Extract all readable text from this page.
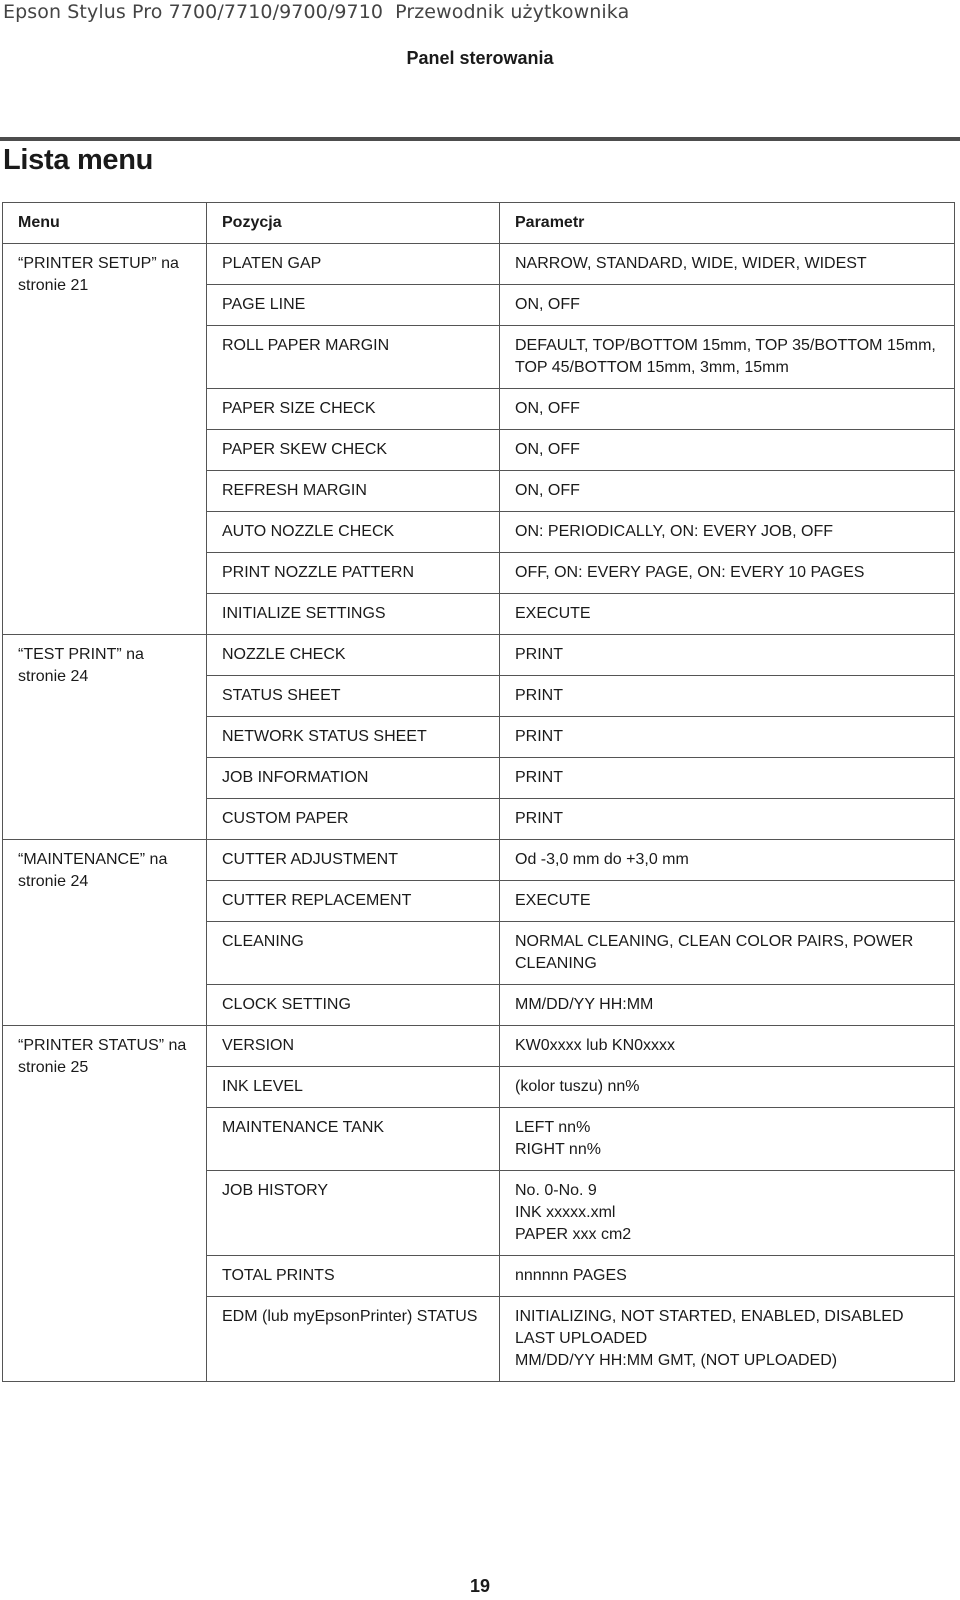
Epson Stylus Pro 7700/7710/9700/9710 Przewodnik użytkownika
Panel sterowania
Lista menu
Menu	Pozycja	Parametr
“PRINTER SETUP” na stronie 21	PLATEN GAP	NARROW, STANDARD, WIDE, WIDER, WIDEST

	PAGE LINE	ON, OFF

	ROLL PAPER MARGIN	DEFAULT, TOP/BOTTOM 15mm, TOP 35/BOTTOM 15mm, TOP 45/BOTTOM 15mm, 3mm, 15mm

	PAPER SIZE CHECK	ON, OFF

	PAPER SKEW CHECK	ON, OFF

	REFRESH MARGIN	ON, OFF

	AUTO NOZZLE CHECK	ON: PERIODICALLY, ON: EVERY JOB, OFF

	PRINT NOZZLE PATTERN	OFF, ON: EVERY PAGE, ON: EVERY 10 PAGES

	INITIALIZE SETTINGS	EXECUTE

“TEST PRINT” na stronie 24	NOZZLE CHECK	PRINT

	STATUS SHEET	PRINT

	NETWORK STATUS SHEET	PRINT

	JOB INFORMATION	PRINT

	CUSTOM PAPER	PRINT

“MAINTENANCE” na stronie 24	CUTTER ADJUSTMENT	Od -3,0 mm do +3,0 mm

	CUTTER REPLACEMENT	EXECUTE

	CLEANING	NORMAL CLEANING, CLEAN COLOR PAIRS, POWER CLEANING

	CLOCK SETTING	MM/DD/YY HH:MM

“PRINTER STATUS” na stronie 25	VERSION	KW0xxxx lub KN0xxxx

	INK LEVEL	(kolor tuszu) nn%

	MAINTENANCE TANK	LEFT nn%
RIGHT nn%

	JOB HISTORY	No. 0-No. 9
INK xxxxx.xml
PAPER xxx cm2

	TOTAL PRINTS	nnnnnn PAGES

	EDM (lub myEpsonPrinter) STATUS	INITIALIZING, NOT STARTED, ENABLED, DISABLED
LAST UPLOADED
MM/DD/YY HH:MM GMT, (NOT UPLOADED)
19
